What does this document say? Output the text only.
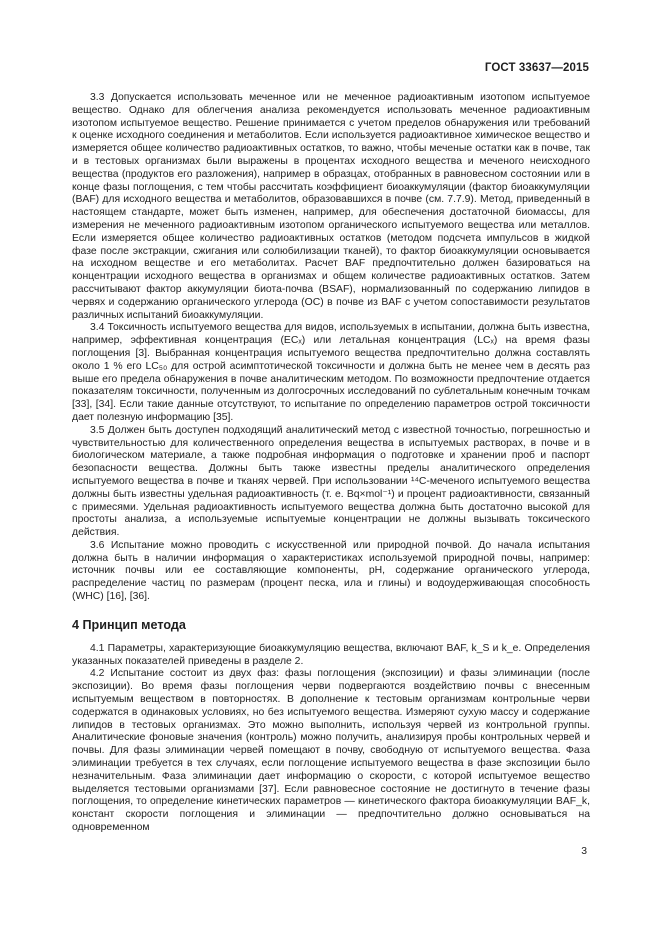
ГОСТ 33637—2015

3.3 Допускается использовать меченное или не меченное радиоактивным изотопом испытуемое вещество. Однако для облегчения анализа рекомендуется использовать меченное радиоактивным изотопом испытуемое вещество. Решение принимается с учетом пределов обнаружения или требований к оценке исходного соединения и метаболитов. Если используется радиоактивное химическое вещество и измеряется общее количество радиоактивных остатков, то важно, чтобы меченые остатки как в почве, так и в тестовых организмах были выражены в процентах исходного вещества и меченого неисходного вещества (продуктов его разложения), например в образцах, отобранных в равновесном состоянии или в конце фазы поглощения, с тем чтобы рассчитать коэффициент биоаккумуляции (фактор биоаккумуляции (BAF) для исходного вещества и метаболитов, образовавшихся в почве (см. 7.7.9). Метод, приведенный в настоящем стандарте, может быть изменен, например, для обеспечения достаточной биомассы, для измерения не меченного радиоактивным изотопом органического испытуемого вещества или металлов. Если измеряется общее количество радиоактивных остатков (методом подсчета импульсов в жидкой фазе после экстракции, сжигания или солюбилизации тканей), то фактор биоаккумуляции основывается на исходном веществе и его метаболитах. Расчет BAF предпочтительно должен базироваться на концентрации исходного вещества в организмах и общем количестве радиоактивных остатков. Затем рассчитывают фактор аккумуляции биота-почва (BSAF), нормализованный по содержанию липидов в червях и содержанию органического углерода (OC) в почве из BAF с учетом сопоставимости результатов различных испытаний биоаккумуляции.

3.4 Токсичность испытуемого вещества для видов, используемых в испытании, должна быть известна, например, эффективная концентрация (ECₓ) или летальная концентрация (LCₓ) на время фазы поглощения [3]. Выбранная концентрация испытуемого вещества предпочтительно должна составлять около 1 % его LC₅₀ для острой асимптотической токсичности и должна быть не менее чем в десять раз выше его предела обнаружения в почве аналитическим методом. По возможности предпочтение отдается показателям токсичности, полученным из долгосрочных исследований по сублетальным конечным точкам [33], [34]. Если такие данные отсутствуют, то испытание по определению параметров острой токсичности дает полезную информацию [35].

3.5 Должен быть доступен подходящий аналитический метод с известной точностью, погрешностью и чувствительностью для количественного определения вещества в испытуемых растворах, в почве и в биологическом материале, а также подробная информация о подготовке и хранении проб и паспорт безопасности вещества. Должны быть также известны пределы аналитического определения испытуемого вещества в почве и тканях червей. При использовании ¹⁴C-меченого испытуемого вещества должны быть известны удельная радиоактивность (т. е. Bq×mol⁻¹) и процент радиоактивности, связанный с примесями. Удельная радиоактивность испытуемого вещества должна быть достаточно высокой для простоты анализа, а используемые испытуемые концентрации не должны вызывать токсического действия.

3.6 Испытание можно проводить с искусственной или природной почвой. До начала испытания должна быть в наличии информация о характеристиках используемой природной почвы, например: источник почвы или ее составляющие компоненты, pH, содержание органического углерода, распределение частиц по размерам (процент песка, ила и глины) и водоудерживающая способность (WHC) [16], [36].

4 Принцип метода

4.1 Параметры, характеризующие биоаккумуляцию вещества, включают BAF, k_S и k_e. Определения указанных показателей приведены в разделе 2.

4.2 Испытание состоит из двух фаз: фазы поглощения (экспозиции) и фазы элиминации (после экспозиции). Во время фазы поглощения черви подвергаются воздействию почвы с внесенным испытуемым веществом в повторностях. В дополнение к тестовым организмам контрольные черви содержатся в одинаковых условиях, но без испытуемого вещества. Измеряют сухую массу и содержание липидов в тестовых организмах. Это можно выполнить, используя червей из контрольной группы. Аналитические фоновые значения (контроль) можно получить, анализируя пробы контрольных червей и почвы. Для фазы элиминации червей помещают в почву, свободную от испытуемого вещества. Фаза элиминации требуется в тех случаях, если поглощение испытуемого вещества в фазе экспозиции было незначительным. Фаза элиминации дает информацию о скорости, с которой испытуемое вещество выделяется тестовыми организмами [37]. Если равновесное состояние не достигнуто в течение фазы поглощения, то определение кинетических параметров — кинетического фактора биоаккумуляции BAF_k, констант скорости поглощения и элиминации — предпочтительно должно основываться на одновременном

3
